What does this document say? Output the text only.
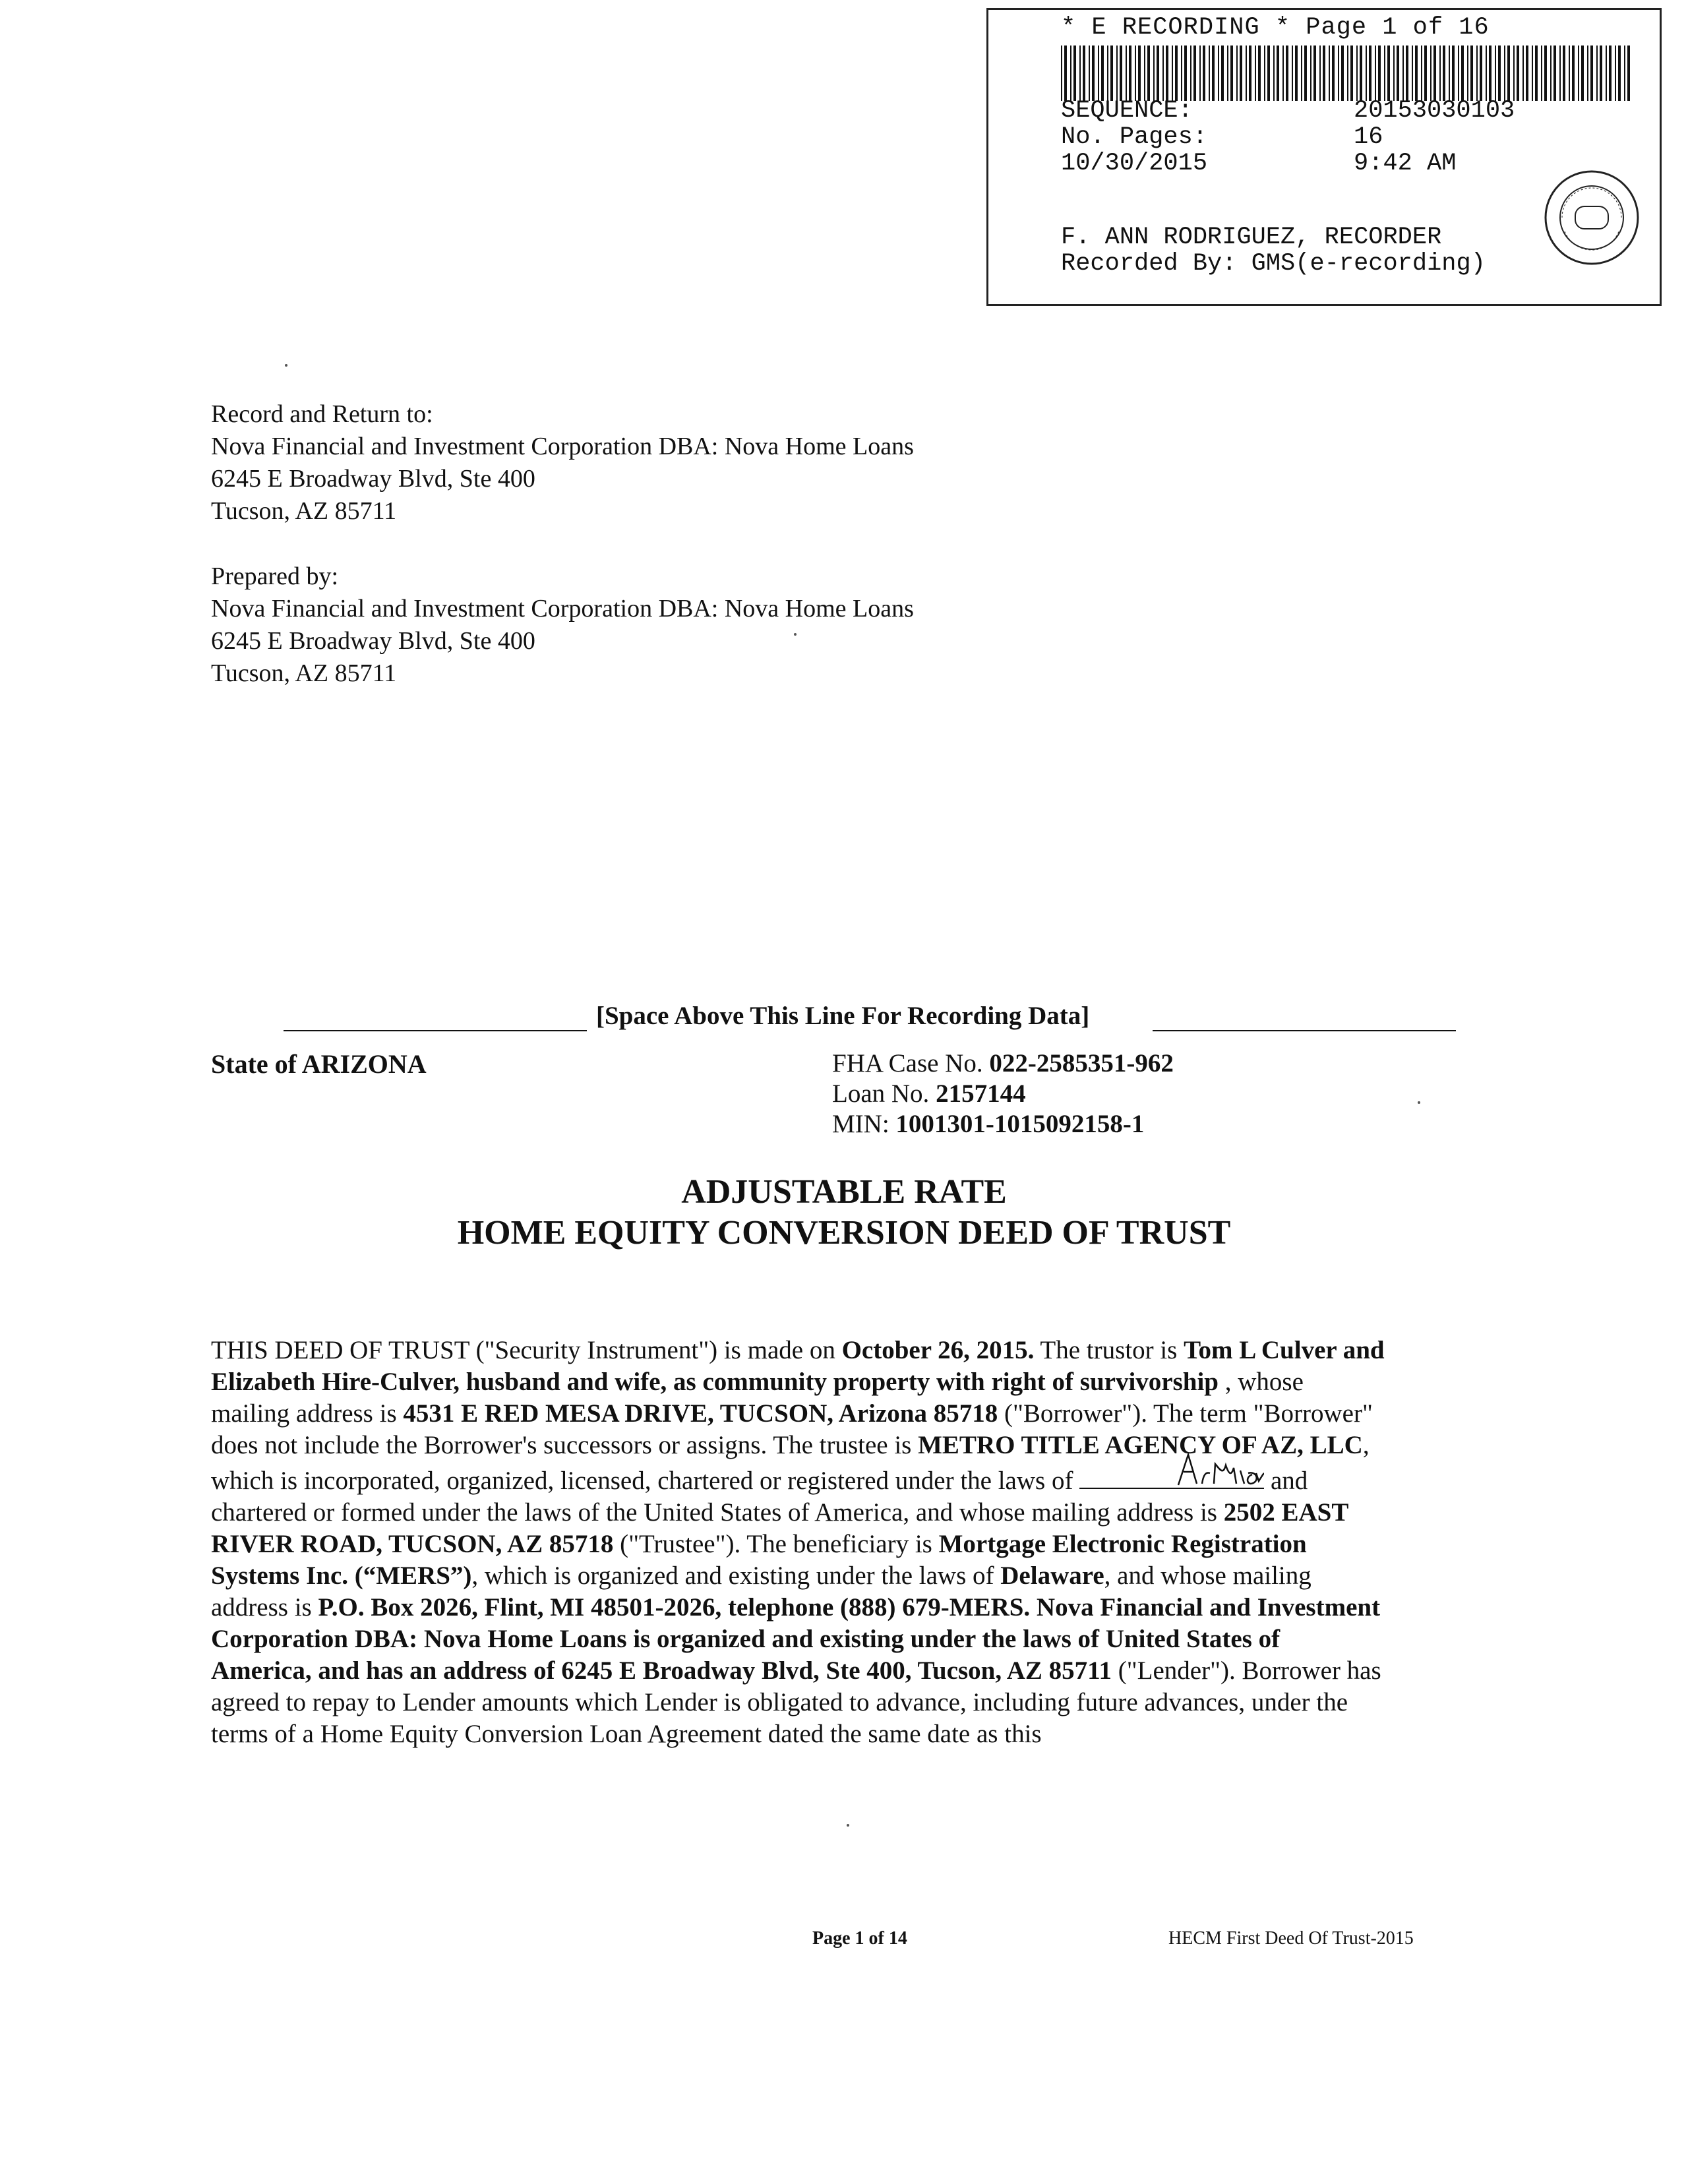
* E RECORDING * Page 1 of 16
SEQUENCE:	20153030103
No. Pages:	16
10/30/2015	9:42 AM
F. ANN RODRIGUEZ, RECORDER
Recorded By: GMS(e-recording)
Record and Return to:
Nova Financial and Investment Corporation DBA: Nova Home Loans
6245 E Broadway Blvd, Ste 400
Tucson, AZ 85711
Prepared by:
Nova Financial and Investment Corporation DBA: Nova Home Loans
6245 E Broadway Blvd, Ste 400
Tucson, AZ 85711
[Space Above This Line For Recording Data]
State of ARIZONA	FHA Case No. 022-2585351-962
Loan No. 2157144
MIN: 1001301-1015092158-1
ADJUSTABLE RATE
HOME EQUITY CONVERSION DEED OF TRUST

THIS DEED OF TRUST ("Security Instrument") is made on October 26, 2015. The trustor is Tom L Culver and Elizabeth Hire-Culver, husband and wife, as community property with right of survivorship , whose mailing address is 4531 E RED MESA DRIVE, TUCSON, Arizona 85718 ("Borrower"). The term "Borrower" does not include the Borrower's successors or assigns. The trustee is METRO TITLE AGENCY OF AZ, LLC, which is incorporated, organized, licensed, chartered or registered under the laws of	and chartered or formed under the laws of the United States of America, and whose mailing address is 2502 EAST RIVER ROAD, TUCSON, AZ 85718 ("Trustee"). The beneficiary is Mortgage Electronic Registration Systems Inc. (“MERS”), which is organized and existing under the laws of Delaware, and whose mailing address is P.O. Box 2026, Flint, MI 48501-2026, telephone (888) 679-MERS. Nova Financial and Investment Corporation DBA: Nova Home Loans is organized and existing under the laws of United States of America, and has an address of 6245 E Broadway Blvd, Ste 400, Tucson, AZ 85711 ("Lender"). Borrower has agreed to repay to Lender amounts which Lender is obligated to advance, including future advances, under the terms of a Home Equity Conversion Loan Agreement dated the same date as this

Page 1 of 14	HECM First Deed Of Trust-2015
